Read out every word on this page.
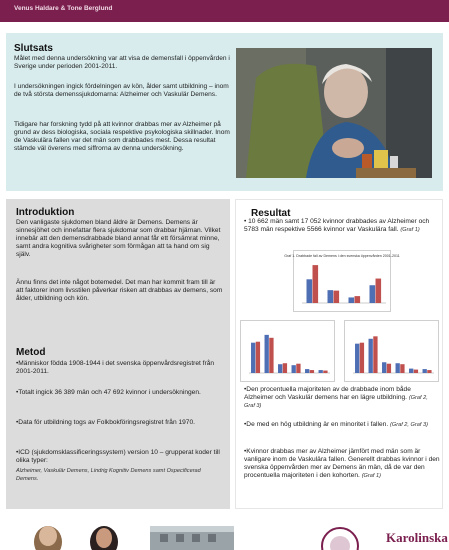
Venus Haldare & Tone Berglund
Slutsats
Målet med denna undersökning var att visa de demensfall i öppenvården i Sverige under perioden 2001-2011.
I undersökningen ingick fördelningen av kön, ålder samt utbildning – inom de två största demenssjukdomarna: Alzheimer och Vaskulär Demens.
Tidigare har forskning tydd på att kvinnor drabbas mer av Alzheimer på grund av dess biologiska, sociala respektive psykologiska skillnader. Inom de Vaskulära fallen var det män som drabbades mest. Dessa resultat stämde väl överens med siffrorna av denna undersökning.
Introduktion
Den vanligaste sjukdomen bland äldre är Demens. Demens är sinnesjöhet och innefattar flera sjukdomar som drabbar hjärnan. Vilket innebär att den demensdrabbade bland annat får ett försämrat minne, samt andra kognitiva svårigheter som förmågan att ta hand om sig själv.
Ännu finns det inte något botemedel. Det man har kommit fram till är att faktorer inom livsstilen påverkar risken att drabbas av demens, som ålder, utbildning och kön.
Metod
•Människor födda 1908-1944 i det svenska öppenvårdsregistret från 2001-2011.
•Totalt ingick 36 389 män och 47 692 kvinnor i undersökningen.
•Data för utbildning togs av Folkbokföringsregistret från 1970.
•ICD (sjukdomsklassificeringssystem) version 10 – grupperat koder till olika typer:
Alzheimer, Vaskulär Demens, Lindrig Kognitiv Demens samt Ospecificerad Demens.
Resultat
• 10 662 män samt 17 052 kvinnor drabbades av Alzheimer och 5783 män respektive 5566 kvinnor var Vaskulära fall. (Graf 1)
Graf 1. Drabbade fall av Demens i den svenska öppenvården 2001-2011
•Den procentuella majoriteten av de drabbade inom både Alzheimer och Vaskulär demens har en lägre utbildning. (Graf 2, Graf 3)
•De med en hög utbildning är en minoritet i fallen. (Graf 2, Graf 3)
•Kvinnor drabbas mer av Alzheimer jämfört med män som är vanligare inom de Vaskulära fallen. Generellt drabbas kvinnor i den svenska öppenvården mer av Demens än män, då de var den procentuella majoriteten i den kohorten. (Graf 1)
Karolinska
